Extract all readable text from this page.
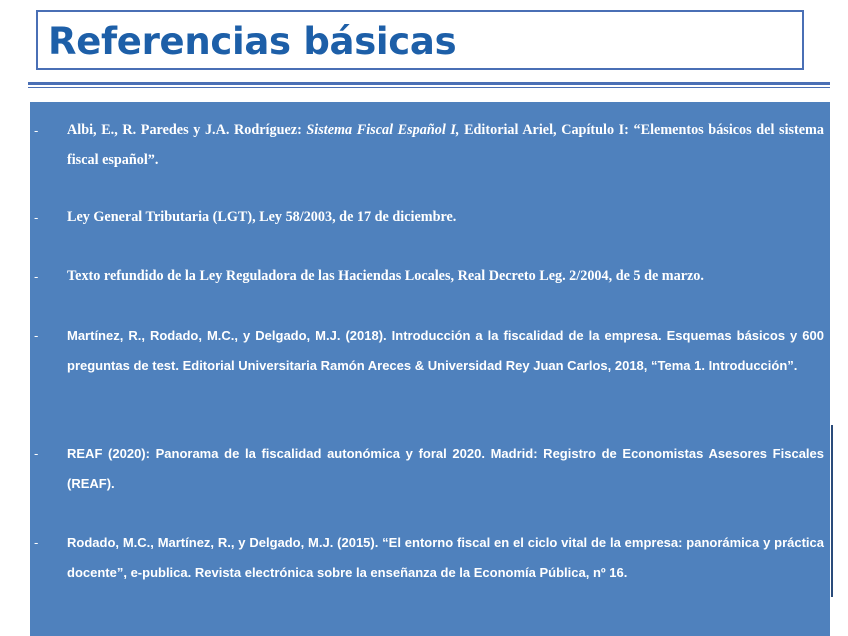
Referencias básicas
- Albi, E., R. Paredes y J.A. Rodríguez: Sistema Fiscal Español I, Editorial Ariel, Capítulo I: “Elementos básicos del sistema fiscal español”.

- Ley General Tributaria (LGT), Ley 58/2003, de 17 de diciembre.

- Texto refundido de la Ley Reguladora de las Haciendas Locales, Real Decreto Leg. 2/2004, de 5 de marzo.

- Martínez, R., Rodado, M.C., y Delgado, M.J. (2018). Introducción a la fiscalidad de la empresa. Esquemas básicos y 600 preguntas de test. Editorial Universitaria Ramón Areces & Universidad Rey Juan Carlos, 2018, “Tema 1. Introducción”.

- REAF (2020): Panorama de la fiscalidad autonómica y foral 2020. Madrid: Registro de Economistas Asesores Fiscales (REAF).

- Rodado, M.C., Martínez, R., y Delgado, M.J. (2015). “El entorno fiscal en el ciclo vital de la empresa: panorámica y práctica docente”, e-publica. Revista electrónica sobre la enseñanza de la Economía Pública, nº 16.
